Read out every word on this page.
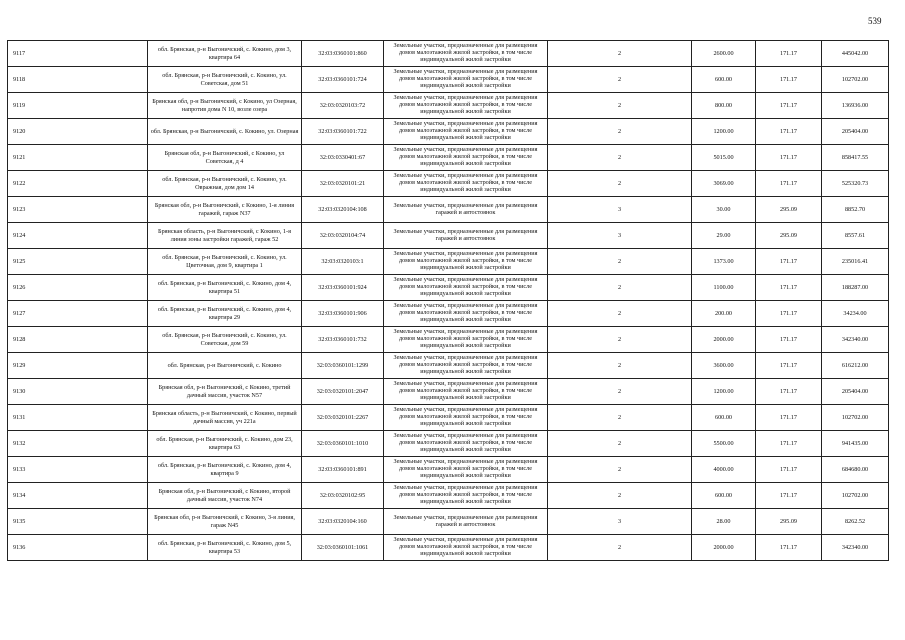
539
9117	обл. Брянская, р-н Выгоничский, с. Кокино, дом 3, квартира 64	32:03:0360101:860	Земельные участки, предназначенные для размещения домов малоэтажной жилой застройки, в том числе индивидуальной жилой застройки	2	2600.00	171.17	445042.00
9118	обл. Брянская, р-н Выгоничский, с. Кокино, ул. Советская, дом 51	32:03:0360101:724	Земельные участки, предназначенные для размещения домов малоэтажной жилой застройки, в том числе индивидуальной жилой застройки	2	600.00	171.17	102702.00
9119	Брянская обл, р-н Выгоничский, с Кокино, ул Озерная, напротив дома N 10, возле озера	32:03:0320103:72	Земельные участки, предназначенные для размещения домов малоэтажной жилой застройки, в том числе индивидуальной жилой застройки	2	800.00	171.17	136936.00
9120	обл. Брянская, р-н Выгоничский, с. Кокино, ул. Озерная	32:03:0360101:722	Земельные участки, предназначенные для размещения домов малоэтажной жилой застройки, в том числе индивидуальной жилой застройки	2	1200.00	171.17	205404.00
9121	Брянская обл, р-н Выгоничский, с Кокино, ул Советская, д 4	32:03:0330401:67	Земельные участки, предназначенные для размещения домов малоэтажной жилой застройки, в том числе индивидуальной жилой застройки	2	5015.00	171.17	858417.55
9122	обл. Брянская, р-н Выгоничский, с. Кокино, ул. Овражная, дом дом 14	32:03:0320101:21	Земельные участки, предназначенные для размещения домов малоэтажной жилой застройки, в том числе индивидуальной жилой застройки	2	3069.00	171.17	525320.73
9123	Брянская обл, р-н Выгоничский, с Кокино, 1-я линия гаражей, гараж N37	32:03:0320104:108	Земельные участки, предназначенные для размещения гаражей и автостоянок	3	30.00	295.09	8852.70
9124	Брянская область, р-н Выгоничский, с Кокино, 1-я линия зоны застройки гаражей, гараж 52	32:03:0320104:74	Земельные участки, предназначенные для размещения гаражей и автостоянок	3	29.00	295.09	8557.61
9125	обл. Брянская, р-н Выгоничский, с. Кокино, ул. Цветочная, дом 9, квартира 1	32:03:0320103:1	Земельные участки, предназначенные для размещения домов малоэтажной жилой застройки, в том числе индивидуальной жилой застройки	2	1373.00	171.17	235016.41
9126	обл. Брянская, р-н Выгоничский, с. Кокино, дом 4, квартира 51	32:03:0360101:924	Земельные участки, предназначенные для размещения домов малоэтажной жилой застройки, в том числе индивидуальной жилой застройки	2	1100.00	171.17	188287.00
9127	обл. Брянская, р-н Выгоничский, с. Кокино, дом 4, квартира 29	32:03:0360101:906	Земельные участки, предназначенные для размещения домов малоэтажной жилой застройки, в том числе индивидуальной жилой застройки	2	200.00	171.17	34234.00
9128	обл. Брянская, р-н Выгоничский, с. Кокино, ул. Советская, дом 59	32:03:0360101:732	Земельные участки, предназначенные для размещения домов малоэтажной жилой застройки, в том числе индивидуальной жилой застройки	2	2000.00	171.17	342340.00
9129	обл. Брянская, р-н Выгоничский, с. Кокино	32:03:0360101:1299	Земельные участки, предназначенные для размещения домов малоэтажной жилой застройки, в том числе индивидуальной жилой застройки	2	3600.00	171.17	616212.00
9130	Брянская обл, р-н Выгоничский, с Кокино, третий дачный массив, участок N57	32:03:0320101:2047	Земельные участки, предназначенные для размещения домов малоэтажной жилой застройки, в том числе индивидуальной жилой застройки	2	1200.00	171.17	205404.00
9131	Брянская область, р-н Выгоничский, с Кокино, первый дачный массив, уч 221а	32:03:0320101:2267	Земельные участки, предназначенные для размещения домов малоэтажной жилой застройки, в том числе индивидуальной жилой застройки	2	600.00	171.17	102702.00
9132	обл. Брянская, р-н Выгоничский, с. Кокино, дом 23, квартира 63	32:03:0360101:1010	Земельные участки, предназначенные для размещения домов малоэтажной жилой застройки, в том числе индивидуальной жилой застройки	2	5500.00	171.17	941435.00
9133	обл. Брянская, р-н Выгоничский, с. Кокино, дом 4, квартира 9	32:03:0360101:891	Земельные участки, предназначенные для размещения домов малоэтажной жилой застройки, в том числе индивидуальной жилой застройки	2	4000.00	171.17	684680.00
9134	Брянская обл, р-н Выгоничский, с Кокино, второй дачный массив, участок N74	32:03:0320102:95	Земельные участки, предназначенные для размещения домов малоэтажной жилой застройки, в том числе индивидуальной жилой застройки	2	600.00	171.17	102702.00
9135	Брянская обл, р-н Выгоничский, с Кокино, 3-я линия, гараж N45	32:03:0320104:160	Земельные участки, предназначенные для размещения гаражей и автостоянок	3	28.00	295.09	8262.52
9136	обл. Брянская, р-н Выгоничский, с. Кокино, дом 5, квартира 53	32:03:0360101:1061	Земельные участки, предназначенные для размещения домов малоэтажной жилой застройки, в том числе индивидуальной жилой застройки	2	2000.00	171.17	342340.00
